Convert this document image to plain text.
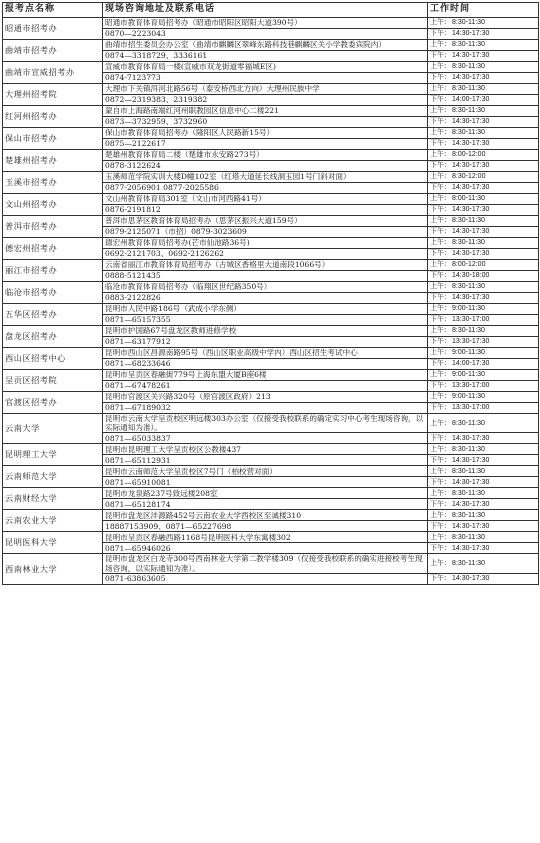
报考点名称	现场咨询地址及联系电话	工作时间
昭通市招考办	昭通市教育体育局招考办（昭通市昭阳区昭阳大道390号）	上午：8:30-11:30
	0870—2223043	下午：14:30-17:30
曲靖市招考办	曲靖市招生委员会办公室（曲靖市麒麟区翠峰东路科技巷麒麟区关小学教委宾院内）	上午：8:30-11:30
	0874—3318729、3336161	下午：14:30-17:30
曲靖市宣威招考办	宣威市教育体育局一楼(宣威市双龙街道零福城E区)	上午：8:30-11:30
	0874-7123773	下午：14:30-17:30
大理州招考院	大理市下关镇洱河北路56号（泰安桥西北方向）大理州民族中学	上午：8:30-11:30
	0872—2319383、2319382	下午：14:00-17:30
红河州招考办	蒙自市上海路南端红河州职教园区信息中心二楼221	上午：8:30-11:30
	0873—3732959、3732960	下午：14:30-17:30
保山市招考办	保山市教育体育局招考办（隆阳区人民路新15号）	上午：8:30-11:30
	0875—2122617	下午：14:30-17:30
楚雄州招考办	楚雄州教育体育局二楼（楚雄市永安路273号）	上午：8:00-12:00
	0878-3122624	下午：14:30-17:30
玉溪市招考办	玉溪师范学院实训大楼D幢102室（红塔大道延长线洞玉园1号门斜对面）	上午：8:30-12:00
	0877-2056901 0877-2025586	下午：14:30-17:30
文山州招考办	文山州教育体育局301室（文山市河西路41号）	上午：8:00-11:30
	0876-2191812	下午：14:30-17:30
普洱市招考办	普洱市思茅区教育体育局招考办（思茅区振兴大道159号）	上午：8:30-11:30
	0879-2125071（市招）0879-3023609	下午：14:30-17:30
德宏州招考办	德宏州教育体育局招考办(芒市仙池路36号)	上午：8:30-11:30
	0692-2121703、0692-2126262	下午：14:30-17:30
丽江市招考办	云南省丽江市教育体育局招考办（古城区香格里大道南段1066号）	上午：8:00-12:00
	0888-5121435	下午：14:30-18:00
临沧市招考办	临沧市教育体育局招考办（临翔区世纪路350号）	上午：8:30-11:30
	0883-2122826	下午：14:30-17:30
五华区招考办	昆明市人民中路186号（武成小学东侧）	上午：9:00-11:30
	0871—65157355	下午：13:30-17:00
盘龙区招考办	昆明市护国路67号盘龙区教师进修学校	上午：8:30-11:30
	0871—63177912	下午：13:30-17:30
西山区招考中心	昆明市西山区昌源南路95号（西山区职业高级中学内）西山区招生考试中心	上午：9:00-11:30
	0871—68233646	下午：14:00-17:30
呈贡区招考院	昆明市呈贡区春融街779号上海东盟大厦B座6楼	上午：9:00-11:30
	0871—67478261	下午：13:30-17:00
官渡区招考办	昆明市官渡区关兴路320号（原官渡区政府）213	上午：9:00-11:30
	0871—67189032	下午：13:30-17:00
云南大学	昆明市云南大学呈贡校区明远楼303办公室（仅接受我校联系的确定实习中心考生现场咨询，以实际通知为准）。	上午：8:30-11:30
	0871—65033837	下午：14:30-17:30
昆明理工大学	昆明市昆明理工大学呈贡校区公教楼437	上午：8:30-11:30
	0871—65112931	下午：14:30-17:30
云南师范大学	昆明市云南师范大学呈贡校区7号门（柏校营对面）	上午：8:30-11:30
	0871—65910081	下午：14:30-17:30
云南财经大学	昆明市龙泉路237号致远楼208室	上午：8:30-11:30
	0871—65128174	下午：14:30-17:30
云南农业大学	昆明市盘龙区沣源路452号云南农业大学西校区至诚楼310	上午：8:30-11:30
	18887153909、0871—65227698	下午：14:30-17:30
昆明医科大学	昆明市呈贡区春融西路1168号昆明医科大学东寓楼302	上午：8:30-11:30
	0871—65946026	下午：14:30-17:30
西南林业大学	昆明市盘龙区白龙寺300号西南林业大学第二教学楼309（仅接受我校联系的确实进接校考生现场咨询，以实际通知为准）。	上午：8:30-11:30
	0871-63863605	下午：14:30-17:30
